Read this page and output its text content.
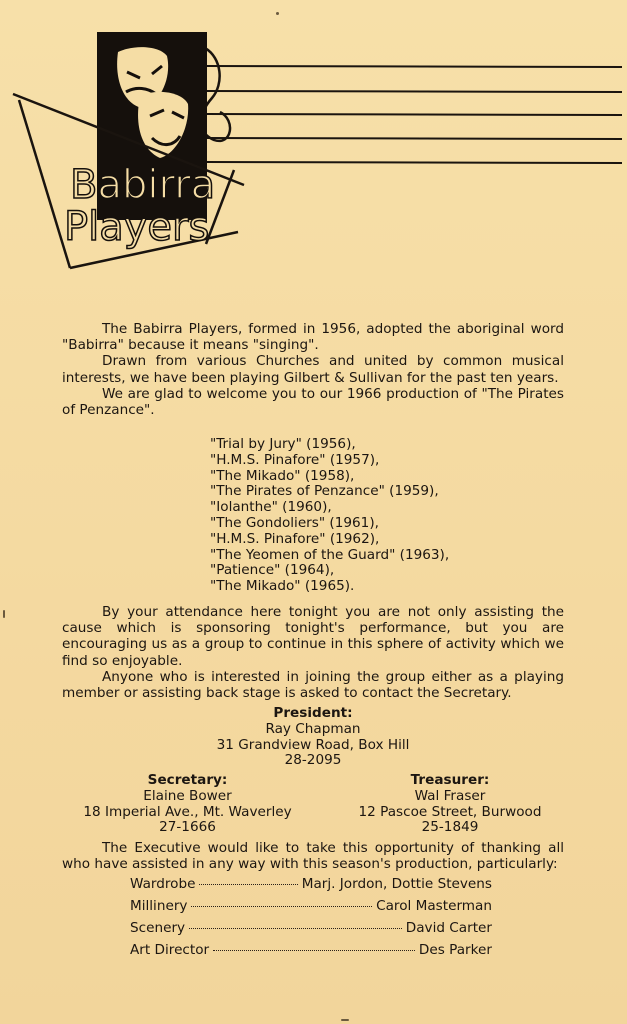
Babirra
Players
The Babirra Players, formed in 1956, adopted the aboriginal word "Babirra" because it means "singing".
Drawn from various Churches and united by common musical interests, we have been playing Gilbert & Sullivan for the past ten years.
We are glad to welcome you to our 1966 production of "The Pirates of Penzance".
"Trial by Jury" (1956),
"H.M.S. Pinafore" (1957),
"The Mikado" (1958),
"The Pirates of Penzance" (1959),
"Iolanthe" (1960),
"The Gondoliers" (1961),
"H.M.S. Pinafore" (1962),
"The Yeomen of the Guard" (1963),
"Patience" (1964),
"The Mikado" (1965).
By your attendance here tonight you are not only assisting the cause which is sponsoring tonight's performance, but you are encouraging us as a group to continue in this sphere of activity which we find so enjoyable.
Anyone who is interested in joining the group either as a playing member or assisting back stage is asked to contact the Secretary.
President:
Ray Chapman
31 Grandview Road, Box Hill
28-2095
Secretary:
Elaine Bower
18 Imperial Ave., Mt. Waverley
27-1666
Treasurer:
Wal Fraser
12 Pascoe Street, Burwood
25-1849
The Executive would like to take this opportunity of thanking all who have assisted in any way with this season's production, particularly:
Wardrobe	Marj. Jordon, Dottie Stevens
Millinery	Carol Masterman
Scenery	David Carter
Art Director	Des Parker
